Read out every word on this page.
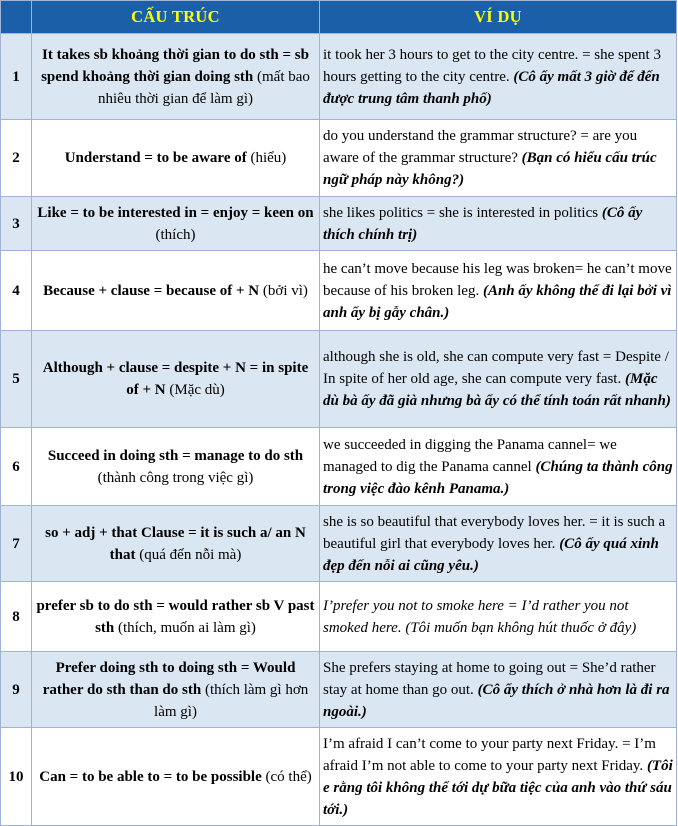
	CẤU TRÚC	VÍ DỤ
1	It takes sb khoảng thời gian to do sth = sb spend khoảng thời gian doing sth (mất bao nhiêu thời gian để làm gì)	it took her 3 hours to get to the city centre. = she spent 3 hours getting to the city centre. (Cô ấy mất 3 giờ để đến được trung tâm thanh phố)
2	Understand = to be aware of (hiểu)	do you understand the grammar structure? = are you aware of the grammar structure? (Bạn có hiểu cấu trúc ngữ pháp này không?)
3	Like = to be interested in = enjoy = keen on (thích)	she likes politics = she is interested in politics (Cô ấy thích chính trị)
4	Because + clause = because of + N (bởi vì)	he can’t move because his leg was broken= he can’t move because of his broken leg. (Anh ấy không thể đi lại bởi vì anh ấy bị gẫy chân.)
5	Although + clause = despite + N = in spite of + N (Mặc dù)	although she is old, she can compute very fast = Despite / In spite of her old age, she can compute very fast. (Mặc dù bà ấy đã già nhưng bà ấy có thể tính toán rất nhanh)
6	Succeed in doing sth = manage to do sth (thành công trong việc gì)	we succeeded in digging the Panama cannel= we managed to dig the Panama cannel (Chúng ta thành công trong việc đào kênh Panama.)
7	so + adj + that Clause = it is such a/ an N that (quá đến nỗi mà)	she is so beautiful that everybody loves her. = it is such a beautiful girl that everybody loves her. (Cô ấy quá xinh đẹp đến nỗi ai cũng yêu.)
8	prefer sb to do sth = would rather sb V past sth (thích, muốn ai làm gì)	I’prefer you not to smoke here = I’d rather you not smoked here. (Tôi muốn bạn không hút thuốc ở đây)
9	Prefer doing sth to doing sth = Would rather do sth than do sth (thích làm gì hơn làm gì)	She prefers staying at home to going out = She’d rather stay at home than go out. (Cô ấy thích ở nhà hơn là đi ra ngoài.)
10	Can = to be able to = to be possible (có thể)	I’m afraid I can’t come to your party next Friday. = I’m afraid I’m not able to come to your party next Friday. (Tôi e rằng tôi không thể tới dự bữa tiệc của anh vào thứ sáu tới.)
